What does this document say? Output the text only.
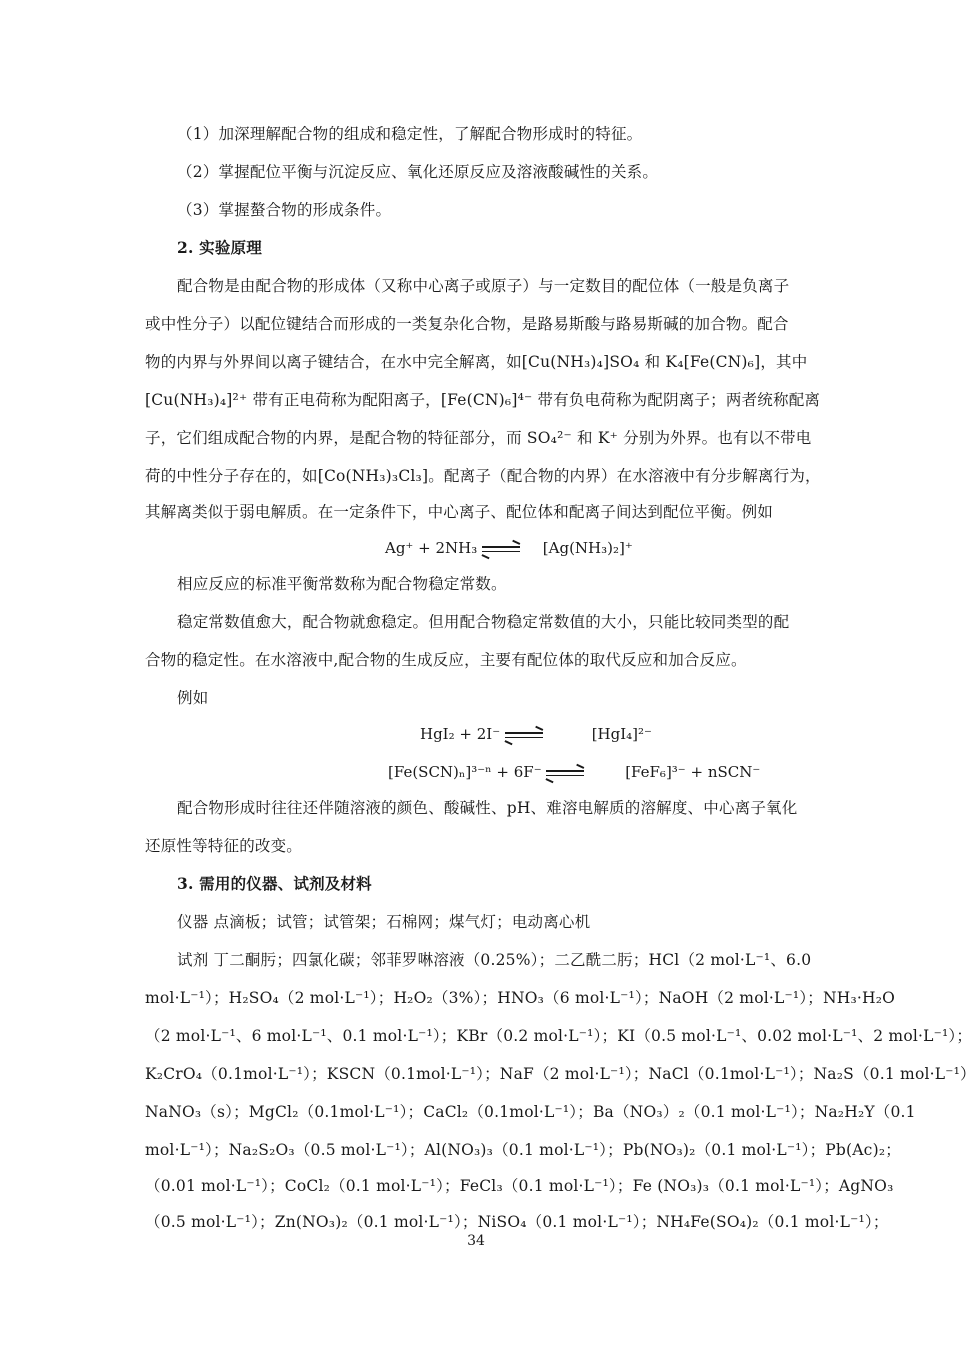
（1）加深理解配合物的组成和稳定性，了解配合物形成时的特征。
（2）掌握配位平衡与沉淀反应、氧化还原反应及溶液酸碱性的关系。
（3）掌握螯合物的形成条件。
2. 实验原理
配合物是由配合物的形成体（又称中心离子或原子）与一定数目的配位体（一般是负离子
或中性分子）以配位键结合而形成的一类复杂化合物，是路易斯酸与路易斯碱的加合物。配合
物的内界与外界间以离子键结合，在水中完全解离，如[Cu(NH₃)₄]SO₄ 和 K₄[Fe(CN)₆]，其中
[Cu(NH₃)₄]²⁺ 带有正电荷称为配阳离子，[Fe(CN)₆]⁴⁻ 带有负电荷称为配阴离子；两者统称配离
子，它们组成配合物的内界，是配合物的特征部分，而 SO₄²⁻ 和 K⁺ 分别为外界。也有以不带电
荷的中性分子存在的，如[Co(NH₃)₃Cl₃]。配离子（配合物的内界）在水溶液中有分步解离行为，
其解离类似于弱电解质。在一定条件下，中心离子、配位体和配离子间达到配位平衡。例如
Ag⁺ + 2NH₃	[Ag(NH₃)₂]⁺
相应反应的标准平衡常数称为配合物稳定常数。
稳定常数值愈大，配合物就愈稳定。但用配合物稳定常数值的大小，只能比较同类型的配
合物的稳定性。在水溶液中,配合物的生成反应，主要有配位体的取代反应和加合反应。
例如
HgI₂ + 2I⁻	[HgI₄]²⁻
[Fe(SCN)ₙ]³⁻ⁿ + 6F⁻	[FeF₆]³⁻ + nSCN⁻
配合物形成时往往还伴随溶液的颜色、酸碱性、pH、难溶电解质的溶解度、中心离子氧化
还原性等特征的改变。
3. 需用的仪器、试剂及材料
仪器 点滴板；试管；试管架；石棉网；煤气灯；电动离心机
试剂 丁二酮肟；四氯化碳；邻菲罗啉溶液（0.25%）；二乙酰二肟；HCl（2 mol·L⁻¹、6.0
mol·L⁻¹）；H₂SO₄（2 mol·L⁻¹）；H₂O₂（3%）；HNO₃（6 mol·L⁻¹）；NaOH（2 mol·L⁻¹）；NH₃·H₂O
（2 mol·L⁻¹、6 mol·L⁻¹、0.1 mol·L⁻¹）；KBr（0.2 mol·L⁻¹）；KI（0.5 mol·L⁻¹、0.02 mol·L⁻¹、2 mol·L⁻¹）；
K₂CrO₄（0.1mol·L⁻¹）；KSCN（0.1mol·L⁻¹）；NaF（2 mol·L⁻¹）；NaCl（0.1mol·L⁻¹）；Na₂S（0.1 mol·L⁻¹）
NaNO₃（s）；MgCl₂（0.1mol·L⁻¹）；CaCl₂（0.1mol·L⁻¹）；Ba（NO₃）₂（0.1 mol·L⁻¹）；Na₂H₂Y（0.1
mol·L⁻¹）；Na₂S₂O₃（0.5 mol·L⁻¹）；Al(NO₃)₃（0.1 mol·L⁻¹）；Pb(NO₃)₂（0.1 mol·L⁻¹）；Pb(Ac)₂；
（0.01 mol·L⁻¹）；CoCl₂（0.1 mol·L⁻¹）；FeCl₃（0.1 mol·L⁻¹）；Fe (NO₃)₃（0.1 mol·L⁻¹）；AgNO₃
（0.5 mol·L⁻¹）；Zn(NO₃)₂（0.1 mol·L⁻¹）；NiSO₄（0.1 mol·L⁻¹）；NH₄Fe(SO₄)₂（0.1 mol·L⁻¹）；
34
